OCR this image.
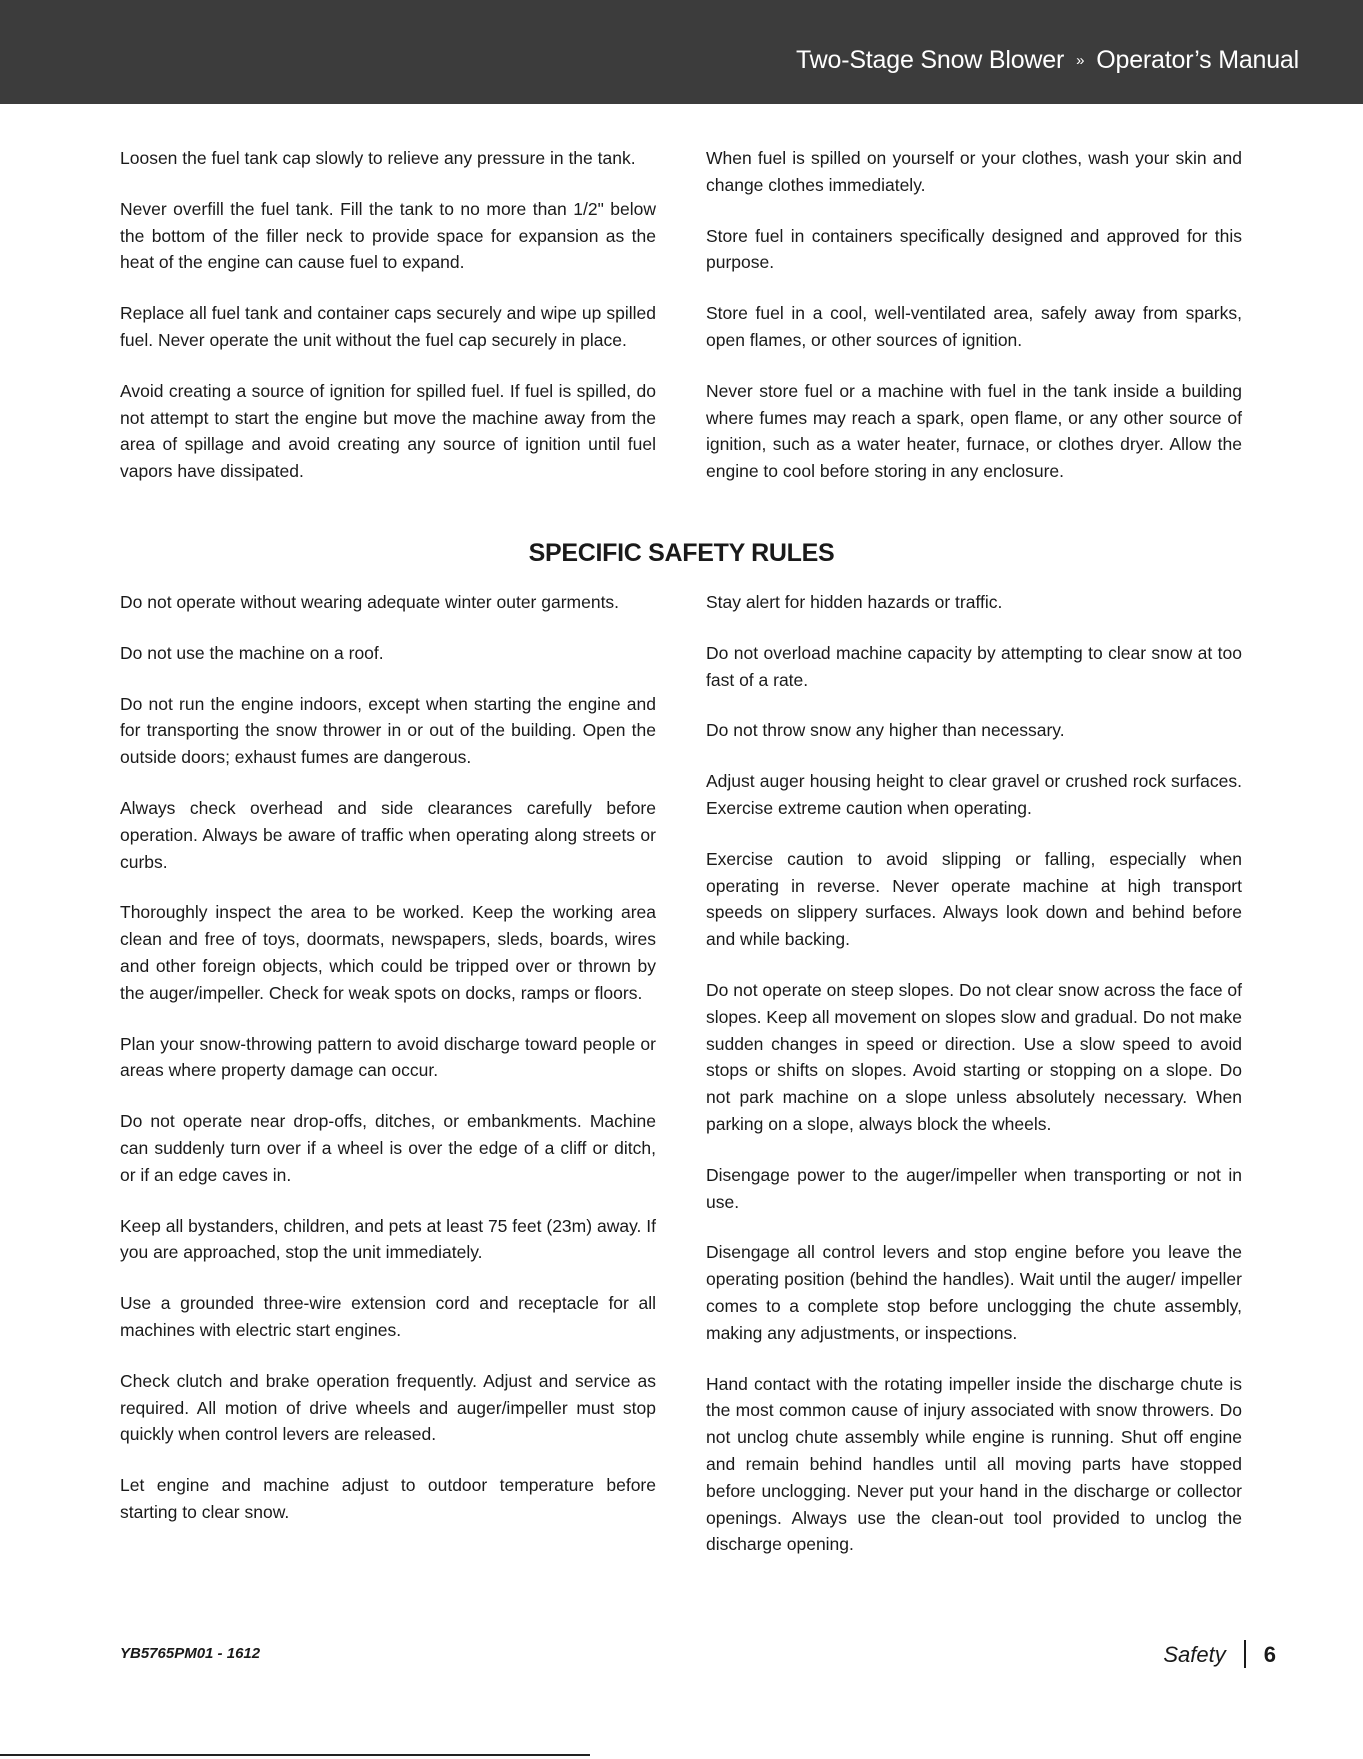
Two-Stage Snow Blower » Operator’s Manual

Loosen the fuel tank cap slowly to relieve any pressure in the tank.

Never overfill the fuel tank. Fill the tank to no more than 1/2" below the bottom of the filler neck to provide space for expansion as the heat of the engine can cause fuel to expand.

Replace all fuel tank and container caps securely and wipe up spilled fuel. Never operate the unit without the fuel cap securely in place.

Avoid creating a source of ignition for spilled fuel. If fuel is spilled, do not attempt to start the engine but move the machine away from the area of spillage and avoid creating any source of ignition until fuel vapors have dissipated.

When fuel is spilled on yourself or your clothes, wash your skin and change clothes immediately.

Store fuel in containers specifically designed and approved for this purpose.

Store fuel in a cool, well-ventilated area, safely away from sparks, open flames, or other sources of ignition.

Never store fuel or a machine with fuel in the tank inside a building where fumes may reach a spark, open flame, or any other source of ignition, such as a water heater, furnace, or clothes dryer. Allow the engine to cool before storing in any enclosure.

SPECIFIC SAFETY RULES

Do not operate without wearing adequate winter outer garments.

Do not use the machine on a roof.

Do not run the engine indoors, except when starting the engine and for transporting the snow thrower in or out of the building. Open the outside doors; exhaust fumes are dangerous.

Always check overhead and side clearances carefully before operation. Always be aware of traffic when operating along streets or curbs.

Thoroughly inspect the area to be worked. Keep the working area clean and free of toys, doormats, newspapers, sleds, boards, wires and other foreign objects, which could be tripped over or thrown by the auger/impeller. Check for weak spots on docks, ramps or floors.

Plan your snow-throwing pattern to avoid discharge toward people or areas where property damage can occur.

Do not operate near drop-offs, ditches, or embankments. Machine can suddenly turn over if a wheel is over the edge of a cliff or ditch, or if an edge caves in.

Keep all bystanders, children, and pets at least 75 feet (23m) away. If you are approached, stop the unit immediately.

Use a grounded three-wire extension cord and receptacle for all machines with electric start engines.

Check clutch and brake operation frequently. Adjust and service as required. All motion of drive wheels and auger/impeller must stop quickly when control levers are released.

Let engine and machine adjust to outdoor temperature before starting to clear snow.

Stay alert for hidden hazards or traffic.

Do not overload machine capacity by attempting to clear snow at too fast of a rate.

Do not throw snow any higher than necessary.

Adjust auger housing height to clear gravel or crushed rock surfaces. Exercise extreme caution when operating.

Exercise caution to avoid slipping or falling, especially when operating in reverse. Never operate machine at high transport speeds on slippery surfaces. Always look down and behind before and while backing.

Do not operate on steep slopes. Do not clear snow across the face of slopes. Keep all movement on slopes slow and gradual. Do not make sudden changes in speed or direction. Use a slow speed to avoid stops or shifts on slopes. Avoid starting or stopping on a slope. Do not park machine on a slope unless absolutely necessary. When parking on a slope, always block the wheels.

Disengage power to the auger/impeller when transporting or not in use.

Disengage all control levers and stop engine before you leave the operating position (behind the handles). Wait until the auger/ impeller comes to a complete stop before unclogging the chute assembly, making any adjustments, or inspections.

Hand contact with the rotating impeller inside the discharge chute is the most common cause of injury associated with snow throwers. Do not unclog chute assembly while engine is running. Shut off engine and remain behind handles until all moving parts have stopped before unclogging. Never put your hand in the discharge or collector openings. Always use the clean-out tool provided to unclog the discharge opening.

YB5765PM01 - 1612	Safety 6
